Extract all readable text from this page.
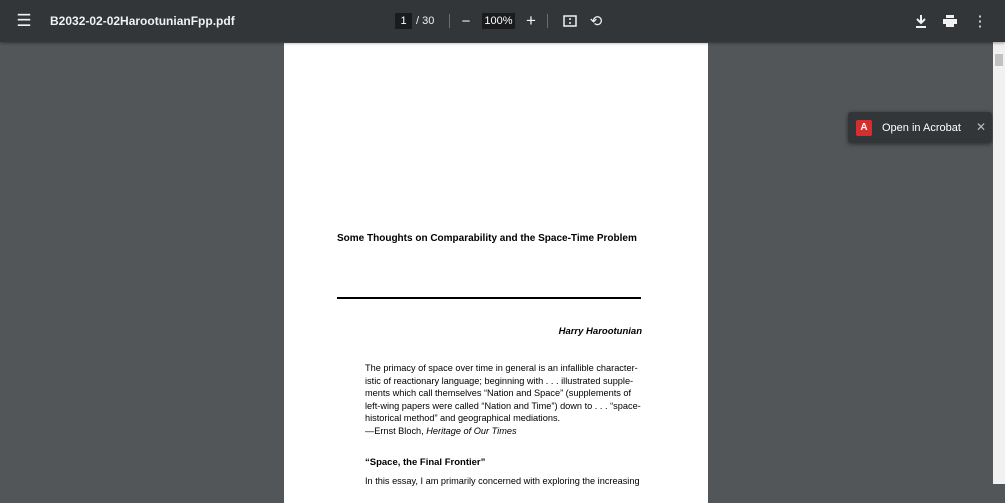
☰ B2032-02-02HarootunianFpp.pdf	1 / 30	−	100% +	⟲	⋮
Some Thoughts on Comparability and the Space-Time Problem
Harry Harootunian
The primacy of space over time in general is an infallible character-
istic of reactionary language; beginning with . . . illustrated supple-
ments which call themselves “Nation and Space” (supplements of
left-wing papers were called “Nation and Time”) down to . . . “space-
historical method” and geographical mediations.
—Ernst Bloch, Heritage of Our Times
“Space, the Final Frontier”
In this essay, I am primarily concerned with exploring the increasing
A	Open in Acrobat ✕
